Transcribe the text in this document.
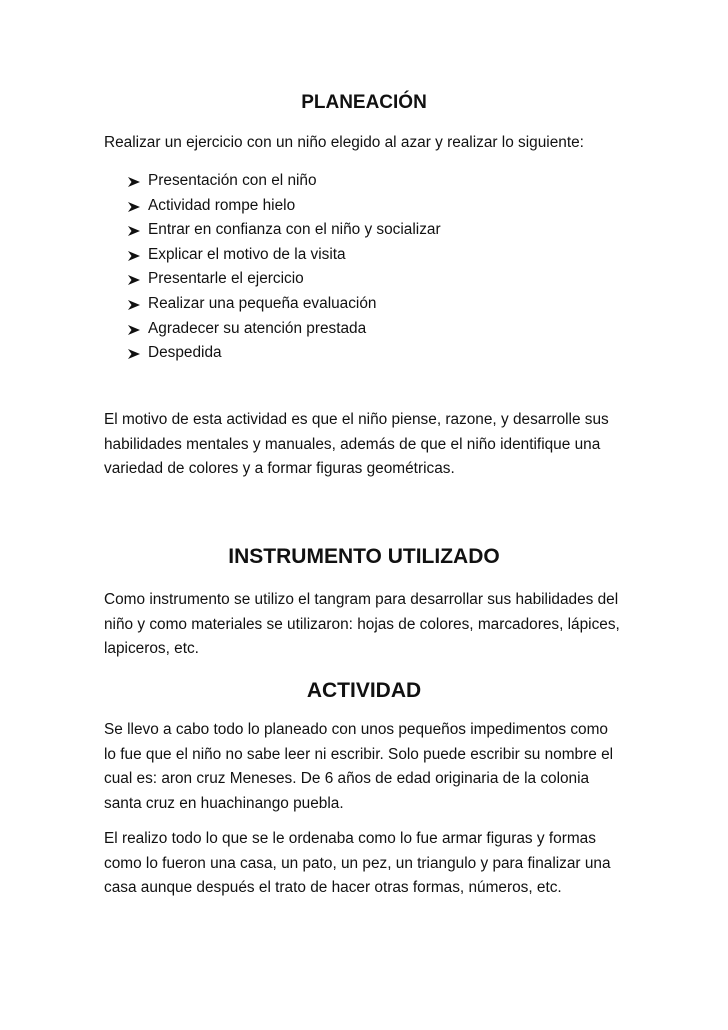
PLANEACIÓN

Realizar un ejercicio con un niño elegido al azar y realizar lo siguiente:

Presentación con el niño
Actividad rompe hielo
Entrar en confianza con el niño y socializar
Explicar el motivo de la visita
Presentarle el ejercicio
Realizar una pequeña evaluación
Agradecer su atención prestada
Despedida

El motivo de esta actividad es que el niño piense, razone, y desarrolle sus habilidades mentales y manuales, además de que el niño identifique una variedad de colores y a formar figuras geométricas.

INSTRUMENTO UTILIZADO

Como instrumento se utilizo el tangram para desarrollar sus habilidades del niño y como materiales se utilizaron: hojas de colores, marcadores, lápices, lapiceros, etc.

ACTIVIDAD

Se llevo a cabo todo lo planeado con unos pequeños impedimentos como lo fue que el niño no sabe leer ni escribir. Solo puede escribir su nombre el cual es: aron cruz Meneses. De 6 años de edad originaria de la colonia santa cruz en huachinango puebla.

El realizo todo lo que se le ordenaba como lo fue armar figuras y formas como lo fueron una casa, un pato, un pez, un triangulo y para finalizar una casa aunque después el trato de hacer otras formas, números, etc.
